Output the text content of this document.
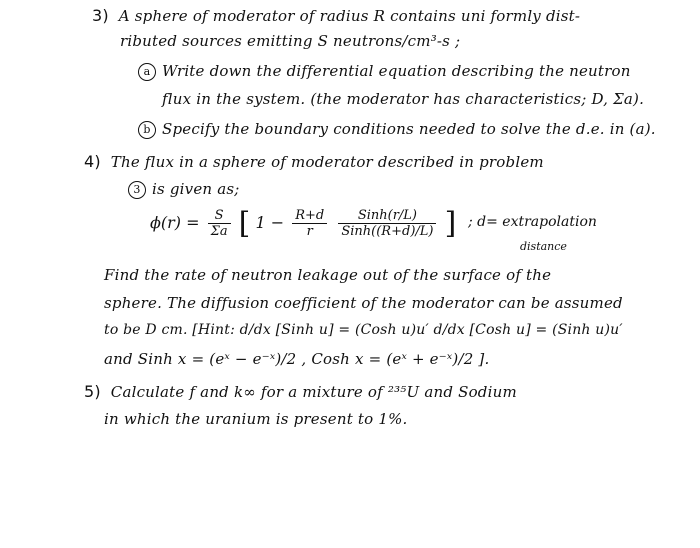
3) A sphere of moderator of radius R contains uni formly dist-
ributed sources emitting S neutrons/cm³-s ;
a Write down the differential equation describing the neutron
flux in the system. (the moderator has characteristics; D, Σa).
b Specify the boundary conditions needed to solve the d.e. in (a).
4) The flux in a sphere of moderator described in problem
3 is given as;
$\phi(r) = \frac{S}{\Sigma a}$ [ $1 - \frac{R+d}{r}$
$\frac{\text{Sinh(r/L)}}{\text{Sinh((R+d)/L)}}$ ] ; d= extrapolation
distance
Find the rate of neutron leakage out of the surface of the
sphere. The diffusion coefficient of the moderator can be assumed
to be D cm. [Hint: d/dx [Sinh u] = (Cosh u)u′ d/dx [Cosh u] = (Sinh u)u′
and Sinh x = (eˣ − e⁻ˣ)/2 , Cosh x = (eˣ + e⁻ˣ)/2 ].
5) Calculate f and k∞ for a mixture of ²³⁵U and Sodium
in which the uranium is present to 1%.
